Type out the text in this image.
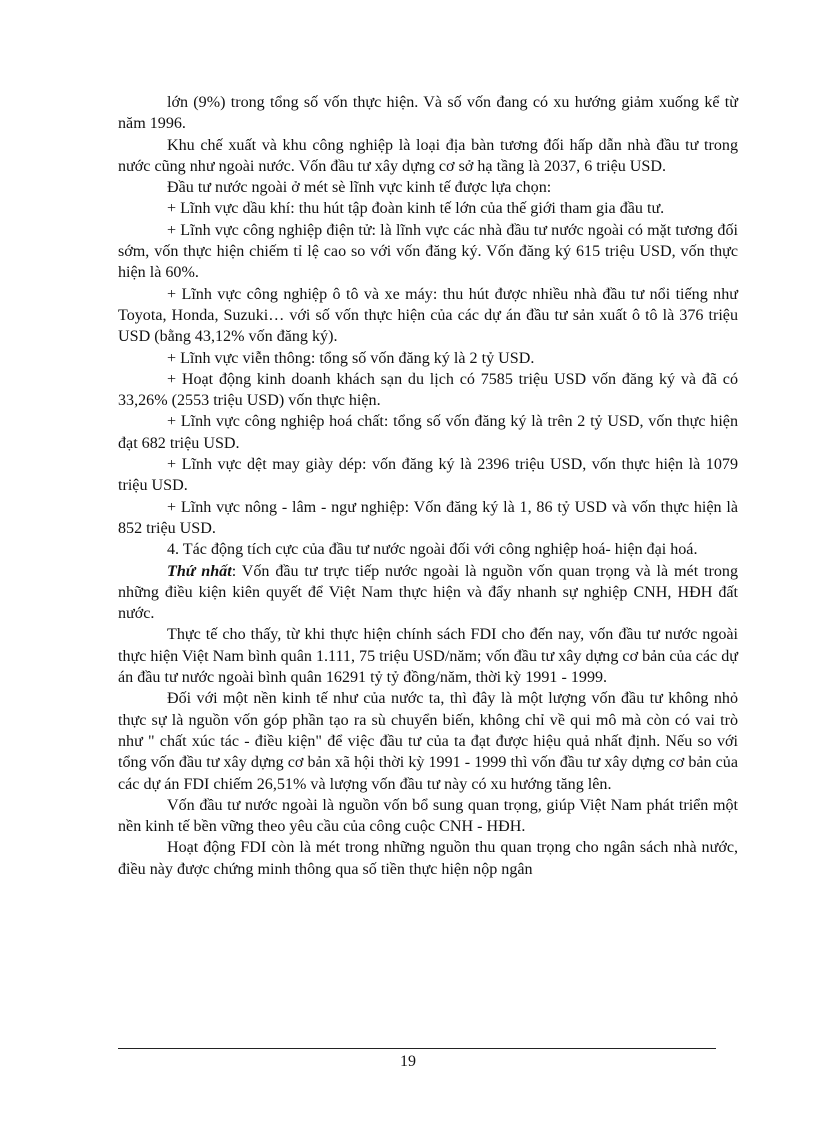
lớn (9%) trong tổng số vốn thực hiện. Và số vốn đang có xu hướng giảm xuống kể từ năm 1996.

Khu chế xuất và khu công nghiệp là loại địa bàn tương đối hấp dẫn nhà đầu tư trong nước cũng như ngoài nước. Vốn đầu tư xây dựng cơ sở hạ tầng là 2037, 6 triệu USD.

Đầu tư nước ngoài ở mét sè lĩnh vực kinh tế được lựa chọn:

+ Lĩnh vực dầu khí: thu hút tập đoàn kinh tế lớn của thế giới tham gia đầu tư.

+ Lĩnh vực công nghiệp điện tử: là lĩnh vực các nhà đầu tư nước ngoài có mặt tương đối sớm, vốn thực hiện chiếm tỉ lệ cao so với vốn đăng ký. Vốn đăng ký 615 triệu USD, vốn thực hiện là 60%.

+ Lĩnh vực công nghiệp ô tô và xe máy: thu hút được nhiều nhà đầu tư nổi tiếng như Toyota, Honda, Suzuki… với số vốn thực hiện của các dự án đầu tư sản xuất ô tô là 376 triệu USD (bằng 43,12% vốn đăng ký).

+ Lĩnh vực viễn thông: tổng số vốn đăng ký là 2 tỷ USD.

+ Hoạt động kinh doanh khách sạn du lịch có 7585 triệu USD vốn đăng ký và đã có 33,26% (2553 triệu USD) vốn thực hiện.

+ Lĩnh vực công nghiệp hoá chất: tổng số vốn đăng ký là trên 2 tỷ USD, vốn thực hiện đạt 682 triệu USD.

+ Lĩnh vực dệt may giày dép: vốn đăng ký là 2396 triệu USD, vốn thực hiện là 1079 triệu USD.

+ Lĩnh vực nông - lâm - ngư nghiệp: Vốn đăng ký là 1, 86 tỷ USD và vốn thực hiện là 852 triệu USD.

4. Tác động tích cực của đầu tư nước ngoài đối với công nghiệp hoá- hiện đại hoá.

Thứ nhất: Vốn đầu tư trực tiếp nước ngoài là nguồn vốn quan trọng và là mét trong những điều kiện kiên quyết để Việt Nam thực hiện và đẩy nhanh sự nghiệp CNH, HĐH đất nước.

Thực tế cho thấy, từ khi thực hiện chính sách FDI cho đến nay, vốn đầu tư nước ngoài thực hiện Việt Nam bình quân 1.111, 75 triệu USD/năm; vốn đầu tư xây dựng cơ bản của các dự án đầu tư nước ngoài bình quân 16291 tỷ tỷ đồng/năm, thời kỳ 1991 - 1999.

Đối với một nền kinh tế như của nước ta, thì đây là một lượng vốn đầu tư không nhỏ thực sự là nguồn vốn góp phần tạo ra sù chuyển biến, không chỉ về qui mô mà còn có vai trò như " chất xúc tác - điều kiện" để việc đầu tư của ta đạt được hiệu quả nhất định. Nếu so với tổng vốn đầu tư xây dựng cơ bản xã hội thời kỳ 1991 - 1999 thì vốn đầu tư xây dựng cơ bản của các dự án FDI chiếm 26,51% và lượng vốn đầu tư này có xu hướng tăng lên.

Vốn đầu tư nước ngoài là nguồn vốn bổ sung quan trọng, giúp Việt Nam phát triển một nền kinh tế bền vững theo yêu cầu của công cuộc CNH - HĐH.

Hoạt động FDI còn là mét trong những nguồn thu quan trọng cho ngân sách nhà nước, điều này được chứng minh thông qua số tiền thực hiện nộp ngân

19
